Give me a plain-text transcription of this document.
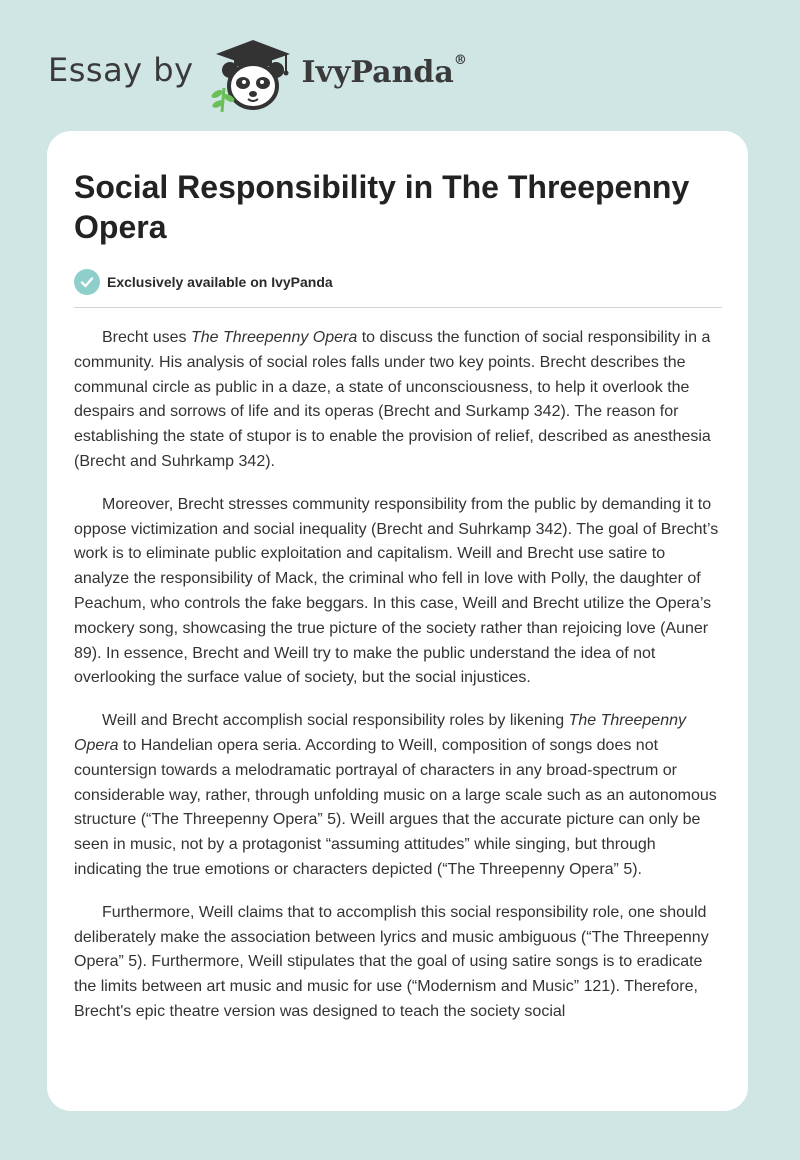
Essay by	IvyPanda®
Social Responsibility in The Threepenny Opera
Exclusively available on IvyPanda

Brecht uses The Threepenny Opera to discuss the function of social responsibility in a community. His analysis of social roles falls under two key points. Brecht describes the communal circle as public in a daze, a state of unconsciousness, to help it overlook the despairs and sorrows of life and its operas (Brecht and Surkamp 342). The reason for establishing the state of stupor is to enable the provision of relief, described as anesthesia (Brecht and Suhrkamp 342).

Moreover, Brecht stresses community responsibility from the public by demanding it to oppose victimization and social inequality (Brecht and Suhrkamp 342). The goal of Brecht’s work is to eliminate public exploitation and capitalism. Weill and Brecht use satire to analyze the responsibility of Mack, the criminal who fell in love with Polly, the daughter of Peachum, who controls the fake beggars. In this case, Weill and Brecht utilize the Opera’s mockery song, showcasing the true picture of the society rather than rejoicing love (Auner 89). In essence, Brecht and Weill try to make the public understand the idea of not overlooking the surface value of society, but the social injustices.

Weill and Brecht accomplish social responsibility roles by likening The Threepenny Opera to Handelian opera seria. According to Weill, composition of songs does not countersign towards a melodramatic portrayal of characters in any broad-spectrum or considerable way, rather, through unfolding music on a large scale such as an autonomous structure (“The Threepenny Opera” 5). Weill argues that the accurate picture can only be seen in music, not by a protagonist “assuming attitudes” while singing, but through indicating the true emotions or characters depicted (“The Threepenny Opera” 5).

Furthermore, Weill claims that to accomplish this social responsibility role, one should deliberately make the association between lyrics and music ambiguous (“The Threepenny Opera” 5). Furthermore, Weill stipulates that the goal of using satire songs is to eradicate the limits between art music and music for use (“Modernism and Music” 121). Therefore, Brecht's epic theatre version was designed to teach the society social
